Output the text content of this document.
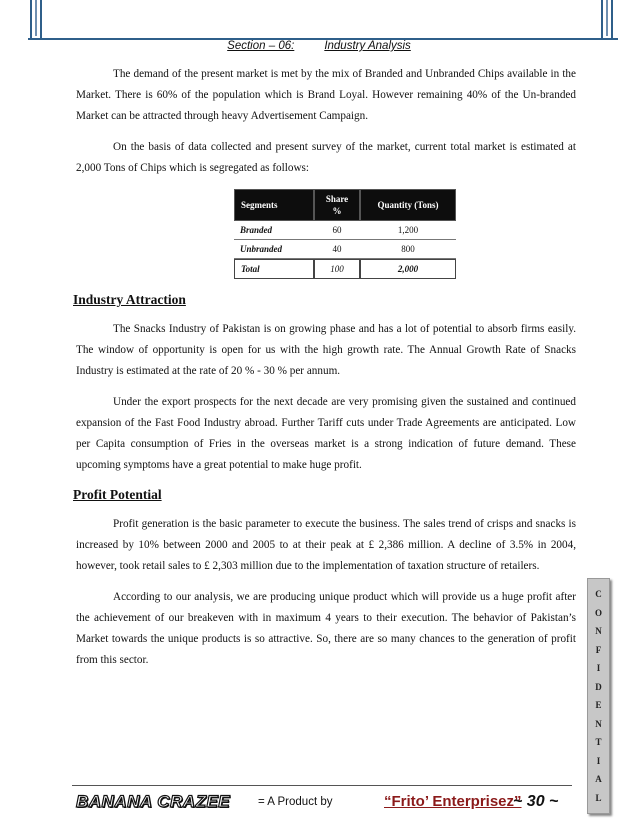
Section – 06:	Industry Analysis

The demand of the present market is met by the mix of Branded and Unbranded Chips available in the Market. There is 60% of the population which is Brand Loyal. However remaining 40% of the Un-branded Market can be attracted through heavy Advertisement Campaign.

On the basis of data collected and present survey of the market, current total market is estimated at 2,000 Tons of Chips which is segregated as follows:

Segments	Share %	Quantity (Tons)
Branded	60	1,200
Unbranded	40	800
Total	100	2,000
Industry Attraction

The Snacks Industry of Pakistan is on growing phase and has a lot of potential to absorb firms easily. The window of opportunity is open for us with the high growth rate. The Annual Growth Rate of Snacks Industry is estimated at the rate of 20 % - 30 % per annum.

Under the export prospects for the next decade are very promising given the sustained and continued expansion of the Fast Food Industry abroad. Further Tariff cuts under Trade Agreements are anticipated. Low per Capita consumption of Fries in the overseas market is a strong indication of future demand. These upcoming symptoms have a great potential to make huge profit.

Profit Potential

Profit generation is the basic parameter to execute the business. The sales trend of crisps and snacks is increased by 10% between 2000 and 2005 to at their peak at £ 2,386 million. A decline of 3.5% in 2004, however, took retail sales to £ 2,303 million due to the implementation of taxation structure of retailers.

According to our analysis, we are producing unique product which will provide us a huge profit after the achievement of our breakeven with in maximum 4 years to their execution. The behavior of Pakistan’s Market towards the unique products is so attractive. So, there are so many chances to the generation of profit from this sector.

C
O
N
F
I
D
E
N
T
I
A
L
BANANA CRAZEE = A Product by	“Frito’ Enterprisez”
~ 30 ~
